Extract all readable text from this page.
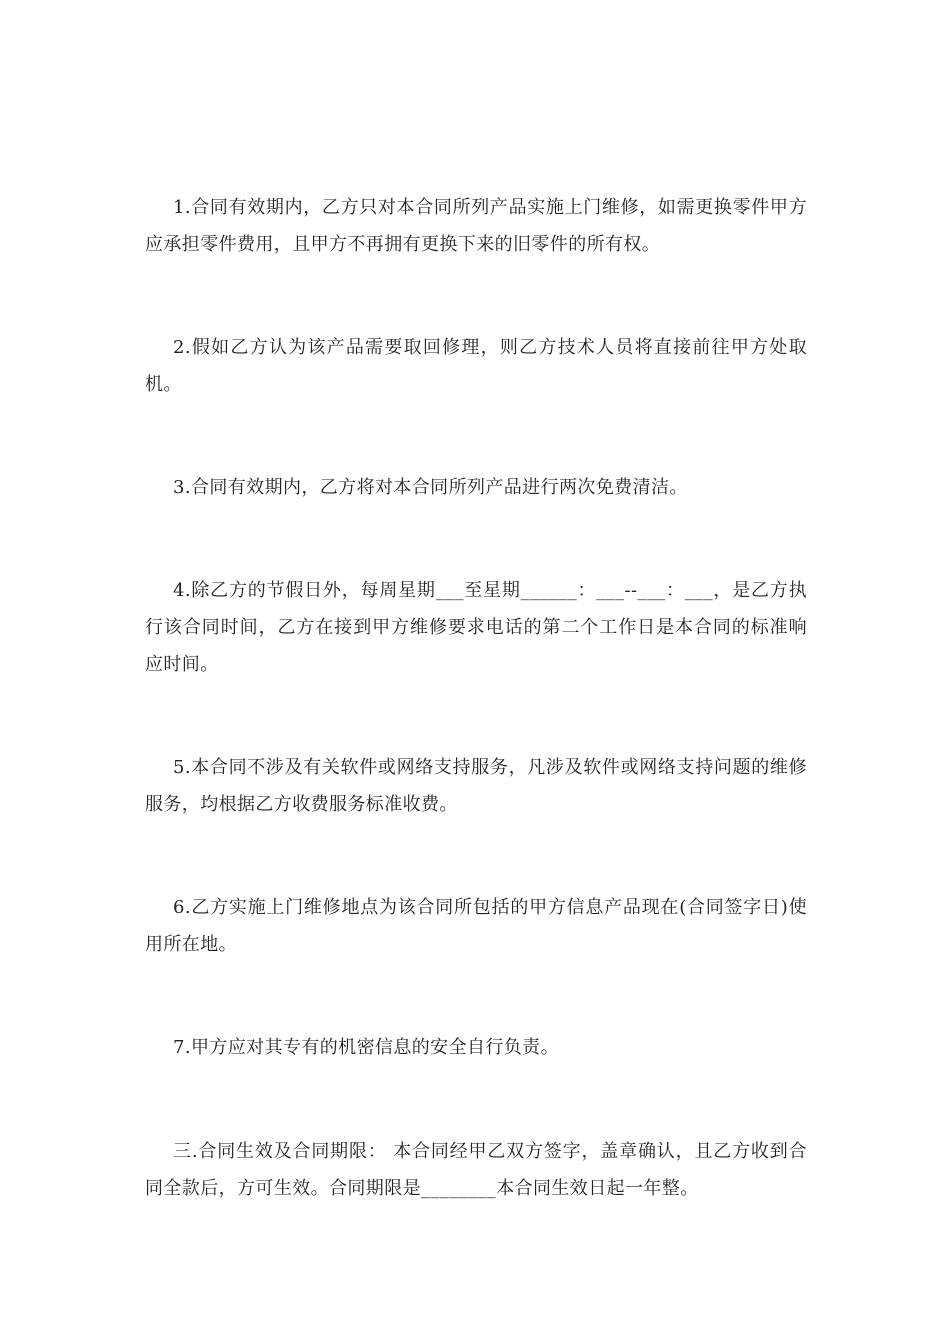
1.合同有效期内，乙方只对本合同所列产品实施上门维修，如需更换零件甲方应承担零件费用，且甲方不再拥有更换下来的旧零件的所有权。

2.假如乙方认为该产品需要取回修理，则乙方技术人员将直接前往甲方处取机。

3.合同有效期内，乙方将对本合同所列产品进行两次免费清洁。

4.除乙方的节假日外，每周星期___至星期______：___--___：___，是乙方执行该合同时间，乙方在接到甲方维修要求电话的第二个工作日是本合同的标准响应时间。

5.本合同不涉及有关软件或网络支持服务，凡涉及软件或网络支持问题的维修服务，均根据乙方收费服务标准收费。

6.乙方实施上门维修地点为该合同所包括的甲方信息产品现在(合同签字日)使用所在地。

7.甲方应对其专有的机密信息的安全自行负责。

三.合同生效及合同期限： 本合同经甲乙双方签字，盖章确认，且乙方收到合同全款后，方可生效。合同期限是________本合同生效日起一年整。
